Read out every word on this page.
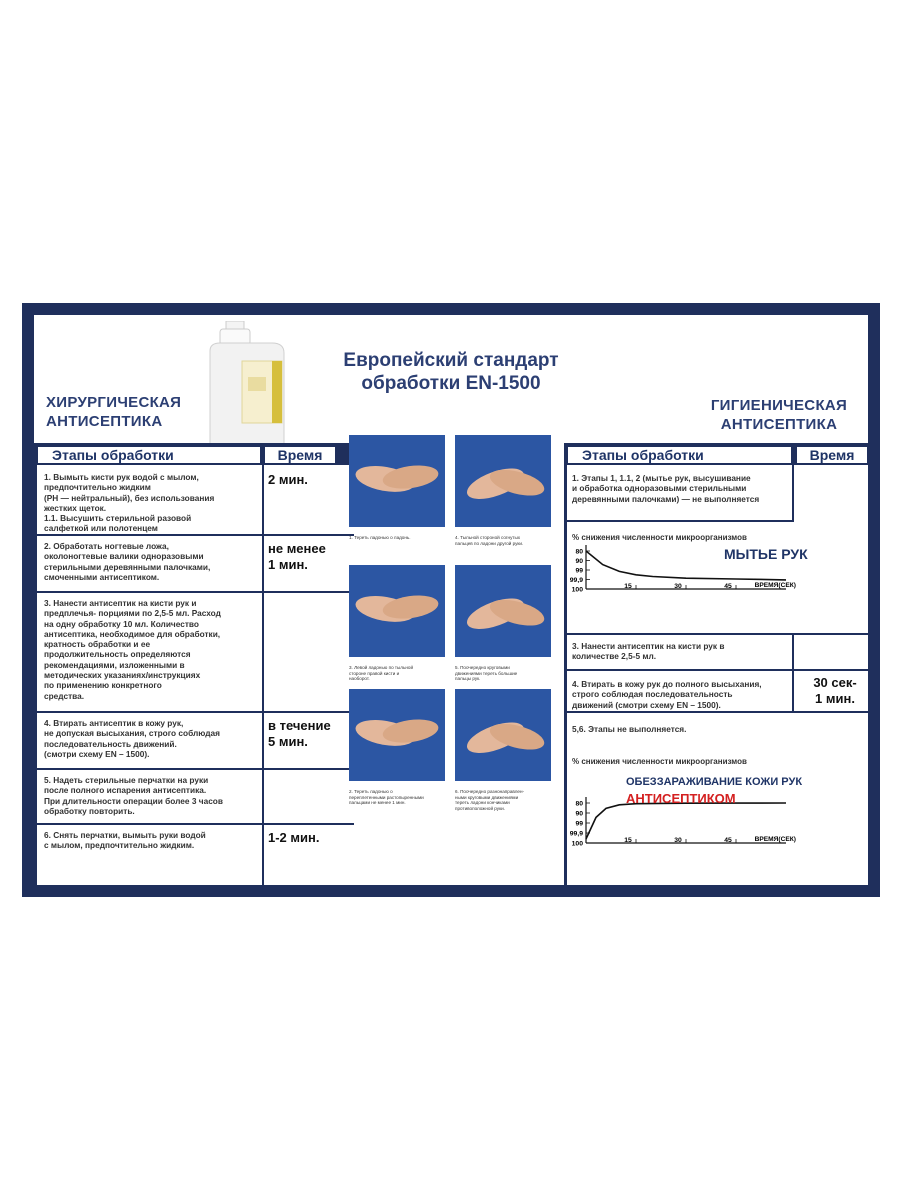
Европейский стандарт
обработки EN-1500
ХИРУРГИЧЕСКАЯ
АНТИСЕПТИКА
ГИГИЕНИЧЕСКАЯ
АНТИСЕПТИКА
Этапы обработки	Время
1. Вымыть кисти рук водой с мылом,
предпочтительно жидким
(PH — нейтральный), без использования
жестких щеток.
1.1. Высушить стерильной разовой
салфеткой или полотенцем
2 мин.
2. Обработать ногтевые ложа,
околоногтевые валики одноразовыми
стерильными деревянными палочками,
смоченными антисептиком.
не менее
1 мин.
3. Нанести антисептик на кисти рук и
предплечья- порциями по 2,5-5 мл. Расход
на одну обработку 10 мл. Количество
антисептика, необходимое для обработки,
кратность обработки и ее
продолжительность определяются
рекомендациями, изложенными в
методических указаниях/инструкциях
по применению конкретного
средства.
4. Втирать антисептик в кожу рук,
не допуская высыхания, строго соблюдая
последовательность движений.
(смотри схему EN – 1500).
в течение
5 мин.
5. Надеть стерильные перчатки на руки
после полного испарения антисептика.
При длительности операции более 3 часов
обработку повторить.
6. Снять перчатки, вымыть руки водой
с мылом, предпочтительно жидким.
1-2 мин.
1. Тереть ладонью о ладонь.	4. Тыльной стороной согнутых
пальцев по ладони другой руки.
3. Левой ладонью по тыльной
стороне правой кисти и
наоборот.
5. Поочередно круговыми
движениями тереть большие
пальцы рук.
2. Тереть ладонью о
переплетенными растопыренными
пальцами не менее 1 мин.
6. Поочередно разнонаправлен-
ными круговыми движениями
тереть ладони кончиками
противоположной руки.
Этапы обработки	Время
1. Этапы 1, 1.1, 2 (мытье рук, высушивание
и обработка одноразовыми стерильными
деревянными палочками) — не выполняется
% снижения численности микроорганизмов
80
90
99
99,9
100	15	30	45	ВРЕМЯ(СЕК)
МЫТЬЕ РУК
3. Нанести антисептик на кисти рук в
количестве 2,5-5 мл.
4. Втирать в кожу рук до полного высыхания,
строго соблюдая последовательность
движений (смотри схему EN – 1500).
30 сек-
1 мин.
5,6. Этапы не выполняется.
% снижения численности микроорганизмов
80
90
99
99,9
100	15	30	45	ВРЕМЯ(СЕК)
ОБЕЗЗАРАЖИВАНИЕ КОЖИ РУК
АНТИСЕПТИКОМ
